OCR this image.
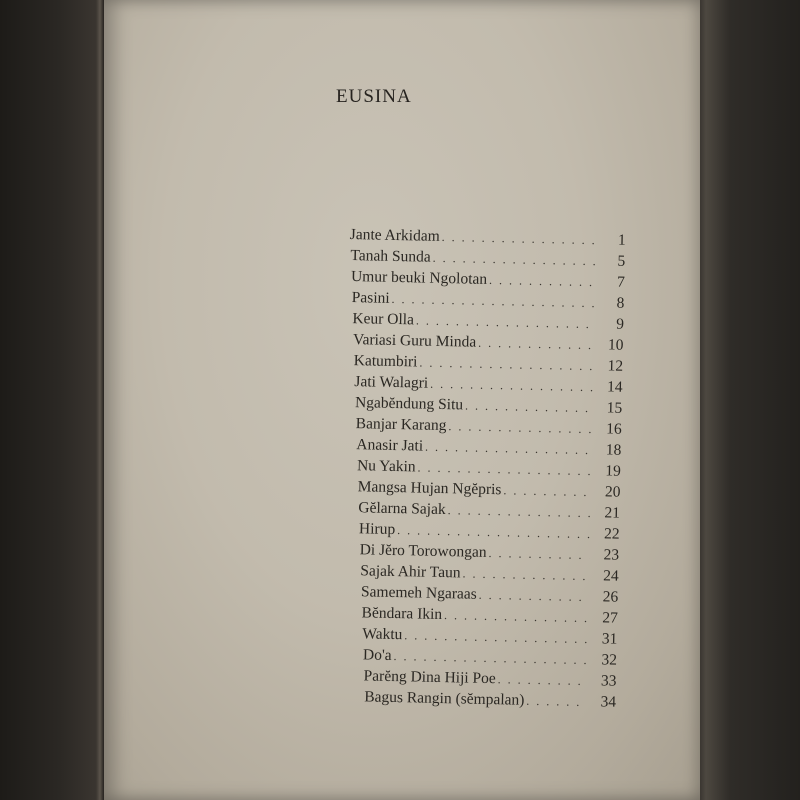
EUSINA
Jante Arkidam . . .	1
Tanah Sunda . . .	5
Umur beuki Ngolotan . . .	7
Pasini . . .	8
Keur Olla . . .	9
Variasi Guru Minda . . .	10
Katumbiri . . .	12
Jati Walagri . . .	14
Ngabĕndung Situ . . .	15
Banjar Karang . . .	16
Anasir Jati . . .	18
Nu Yakin . . .	19
Mangsa Hujan Ngĕpris . . .	20
Gĕlarna Sajak . . .	21
Hirup . . .	22
Di Jĕro Torowongan . . .	23
Sajak Ahir Taun . . .	24
Samemeh Ngaraas . . .	26
Bĕndara Ikin . . .	27
Waktu . . .	31
Do'a . . .	32
Parĕng Dina Hiji Poe . . .	33
Bagus Rangin (sĕmpalan) . . .	34
